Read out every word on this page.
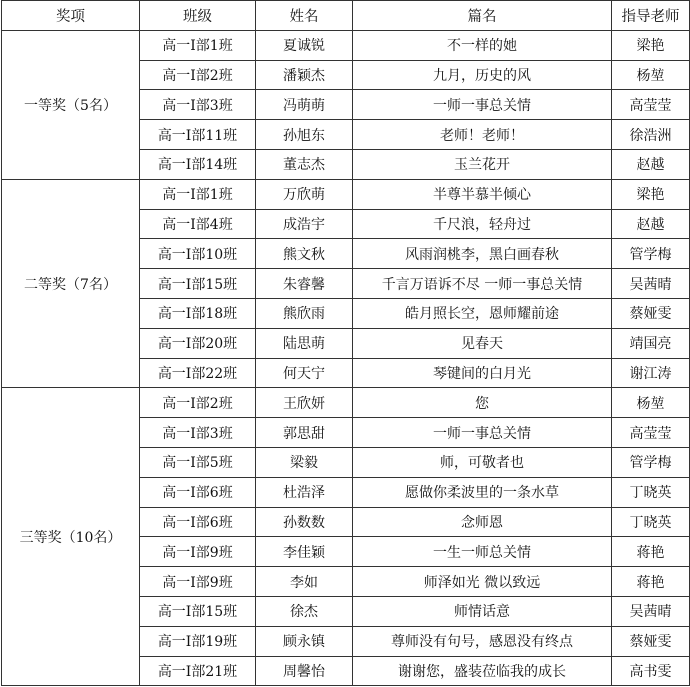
奖项	班级	姓名	篇名	指导老师
一等奖（5名）	高一Ⅰ部1班	夏诚锐	不一样的她	梁艳
	高一Ⅰ部2班	潘颖杰	九月，历史的风	杨堃
	高一Ⅰ部3班	冯萌萌	一师一事总关情	高莹莹
	高一Ⅰ部11班	孙旭东	老师！老师！	徐浩洲
	高一Ⅰ部14班	董志杰	玉兰花开	赵越
二等奖（7名）	高一Ⅰ部1班	万欣萌	半尊半慕半倾心	梁艳
	高一Ⅰ部4班	成浩宇	千尺浪，轻舟过	赵越
	高一Ⅰ部10班	熊文秋	风雨润桃李，黑白画春秋	管学梅
	高一Ⅰ部15班	朱睿馨	千言万语诉不尽 一师一事总关情	吴茜晴
	高一Ⅰ部18班	熊欣雨	皓月照长空，恩师耀前途	蔡娅雯
	高一Ⅰ部20班	陆思萌	见春天	靖国亮
	高一Ⅰ部22班	何天宁	琴键间的白月光	谢江涛
三等奖（10名）	高一Ⅰ部2班	王欣妍	您	杨堃
	高一Ⅰ部3班	郭思甜	一师一事总关情	高莹莹
	高一Ⅰ部5班	梁毅	师，可敬者也	管学梅
	高一Ⅰ部6班	杜浩泽	愿做你柔波里的一条水草	丁晓英
	高一Ⅰ部6班	孙数数	念师恩	丁晓英
	高一Ⅰ部9班	李佳颖	一生一师总关情	蒋艳
	高一Ⅰ部9班	李如	师泽如光 微以致远	蒋艳
	高一Ⅰ部15班	徐杰	师情话意	吴茜晴
	高一Ⅰ部19班	顾永镇	尊师没有句号，感恩没有终点	蔡娅雯
	高一Ⅰ部21班	周馨怡	谢谢您，盛装莅临我的成长	高书雯
